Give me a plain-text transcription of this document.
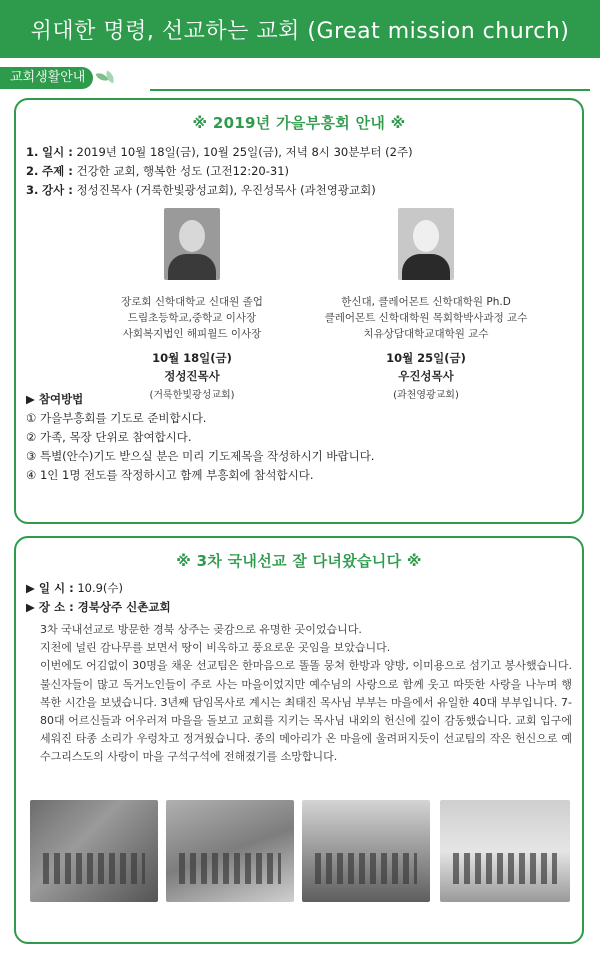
위대한 명령, 선교하는 교회 (Great mission church)
교회생활안내
※ 2019년 가을부흥회 안내 ※
1. 일시 : 2019년 10월 18일(금), 10월 25일(금), 저녁 8시 30분부터 (2주)
2. 주제 : 건강한 교회, 행복한 성도 (고전12:20-31)
3. 강사 : 정성진목사 (거룩한빛광성교회), 우진성목사 (과천영광교회)
장로회 신학대학교 신대원 졸업
드림초등학교,중학교 이사장
사회복지법인 해피월드 이사장
10월 18일(금)
정성진목사
(거룩한빛광성교회)
한신대, 클레어몬트 신학대학원 Ph.D
클레어몬트 신학대학원 목회학박사과정 교수
치유상담대학교대학원 교수
10월 25일(금)
우진성목사
(과천영광교회)
▶ 참여방법
① 가을부흥회를 기도로 준비합시다.
② 가족, 목장 단위로 참여합시다.
③ 특별(안수)기도 받으실 분은 미리 기도제목을 작성하시기 바랍니다.
④ 1인 1명 전도를 작정하시고 함께 부흥회에 참석합시다.
※ 3차 국내선교 잘 다녀왔습니다 ※
▶ 일 시 : 10.9(수)
▶ 장 소 : 경북상주 신촌교회

3차 국내선교로 방문한 경북 상주는 곶감으로 유명한 곳이었습니다.

지천에 널린 감나무를 보면서 땅이 비옥하고 풍요로운 곳임을 보았습니다.

이번에도 어김없이 30명을 채운 선교팀은 한마음으로 똘똘 뭉쳐 한방과 양방, 이미용으로 섬기고 봉사했습니다. 불신자들이 많고 독거노인들이 주로 사는 마을이었지만 예수님의 사랑으로 함께 웃고 따뜻한 사랑을 나누며 행복한 시간을 보냈습니다. 3년째 담임목사로 계시는 최태진 목사님 부부는 마을에서 유일한 40대 부부입니다. 7-80대 어르신들과 어우러져 마을을 돌보고 교회를 지키는 목사님 내외의 헌신에 깊이 감동했습니다. 교회 입구에 세워진 타종 소리가 우렁차고 정겨웠습니다. 종의 메아리가 온 마을에 울려퍼지듯이 선교팀의 작은 헌신으로 예수그리스도의 사랑이 마을 구석구석에 전해졌기를 소망합니다.
